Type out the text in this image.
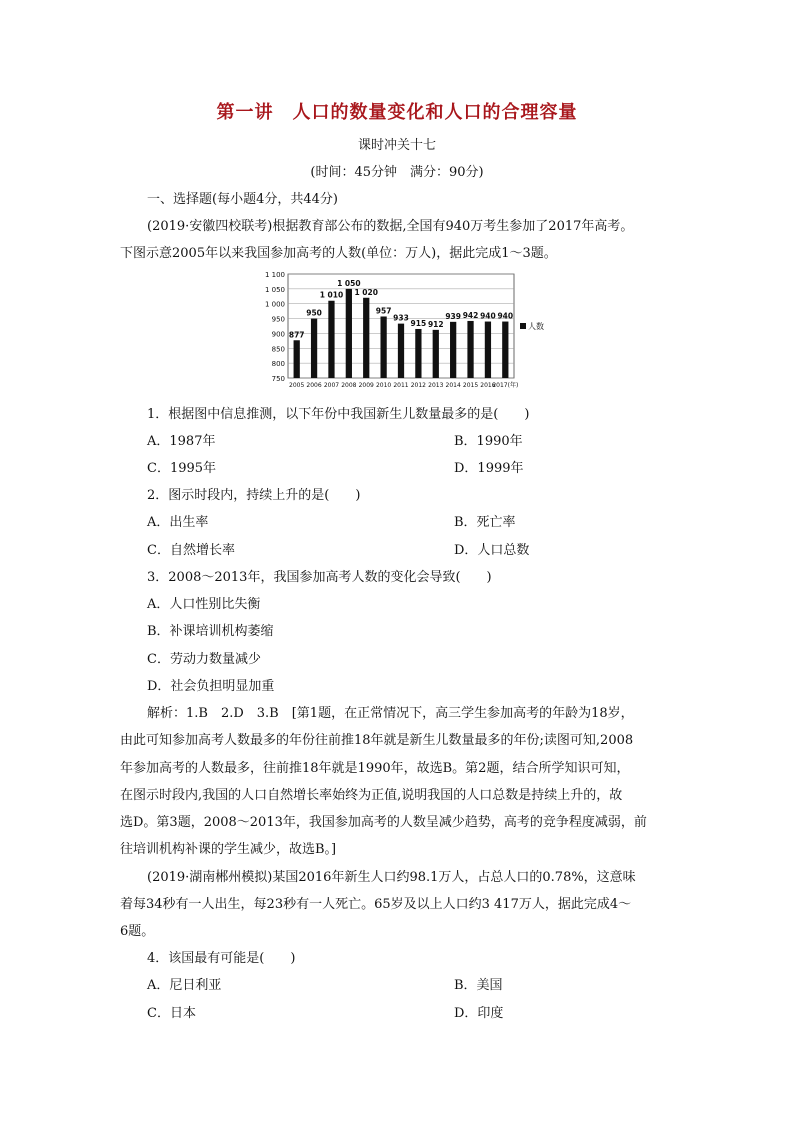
第一讲　人口的数量变化和人口的合理容量
课时冲关十七
(时间：45分钟　满分：90分)
一、选择题(每小题4分，共44分)
(2019·安徽四校联考)根据教育部公布的数据,全国有940万考生参加了2017年高考。
下图示意2005年以来我国参加高考的人数(单位：万人)，据此完成1～3题。
750
800
850
900
950
1 000
1 050
1 100
877
2005
950
2006
1 010
2007
1 050
2008
1 020
2009
957
2010
933
2011
915
2012
912
2013
939
2014
942
2015
940
2016
940
2017(年)
人数
1．根据图中信息推测，以下年份中我国新生儿数量最多的是(　　)
A．1987年	B．1990年
C．1995年	D．1999年
2．图示时段内，持续上升的是(　　)
A．出生率	B．死亡率
C．自然增长率	D．人口总数
3．2008～2013年，我国参加高考人数的变化会导致(　　)
A．人口性别比失衡
B．补课培训机构萎缩
C．劳动力数量减少
D．社会负担明显加重
解析：1.B　2.D　3.B　[第1题，在正常情况下，高三学生参加高考的年龄为18岁，
由此可知参加高考人数最多的年份往前推18年就是新生儿数量最多的年份;读图可知,2008
年参加高考的人数最多，往前推18年就是1990年，故选B。第2题，结合所学知识可知，
在图示时段内,我国的人口自然增长率始终为正值,说明我国的人口总数是持续上升的，故
选D。第3题，2008～2013年，我国参加高考的人数呈减少趋势，高考的竞争程度减弱，前
往培训机构补课的学生减少，故选B。]
(2019·湖南郴州模拟)某国2016年新生人口约98.1万人，占总人口的0.78%，这意味
着每34秒有一人出生，每23秒有一人死亡。65岁及以上人口约3 417万人，据此完成4～
6题。
4．该国最有可能是(　　)
A．尼日利亚	B．美国
C．日本	D．印度
